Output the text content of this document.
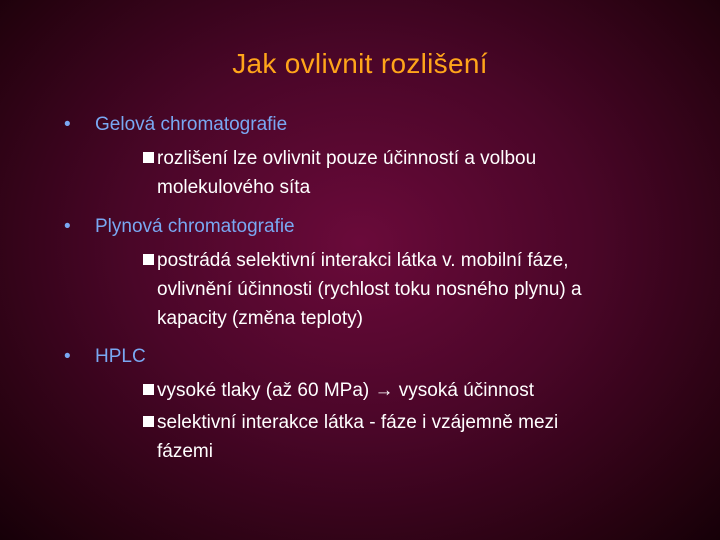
Jak ovlivnit rozlišení
• Gelová chromatografie
rozlišení lze ovlivnit pouze účinností a volbou
molekulového síta
• Plynová chromatografie
postrádá selektivní interakci látka v. mobilní fáze,
ovlivnění účinnosti (rychlost toku nosného plynu) a
kapacity (změna teploty)
• HPLC
vysoké tlaky (až 60 MPa) → vysoká účinnost
selektivní interakce látka - fáze i vzájemně mezi
fázemi
